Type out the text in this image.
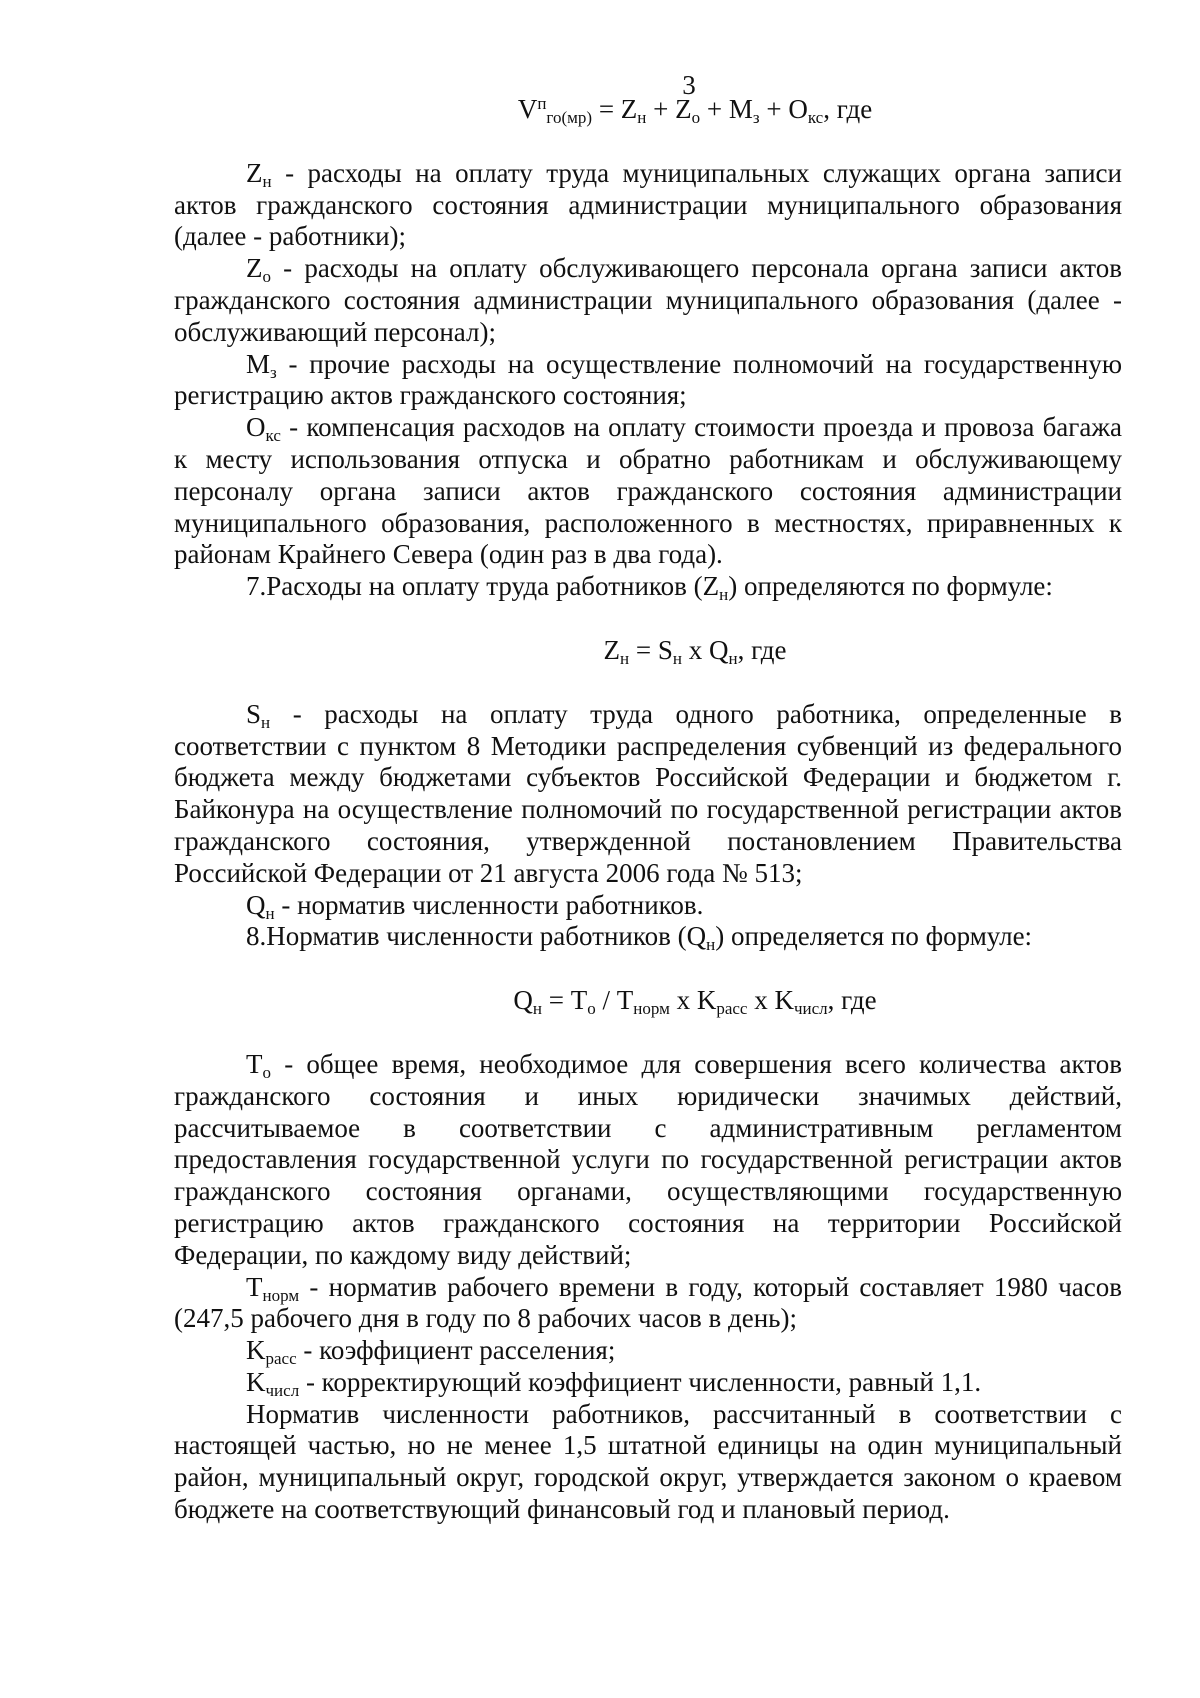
3
$V^п_{го(мр)} = Z_н + Z_о + M_з + O_{кс}$, где

$Z_н$ - расходы на оплату труда муниципальных служащих органа записи актов гражданского состояния администрации муниципального образования (далее - работники);

$Z_о$ - расходы на оплату обслуживающего персонала органа записи актов гражданского состояния администрации муниципального образования (далее - обслуживающий персонал);

$M_з$ - прочие расходы на осуществление полномочий на государственную регистрацию актов гражданского состояния;

$O_{кс}$ - компенсация расходов на оплату стоимости проезда и провоза багажа к месту использования отпуска и обратно работникам и обслуживающему персоналу органа записи актов гражданского состояния администрации муниципального образования, расположенного в местностях, приравненных к районам Крайнего Севера (один раз в два года).

7.Расходы на оплату труда работников $(Z_н)$ определяются по формуле:

$Z_н = S_н$ x $Q_н$, где

$S_н$ - расходы на оплату труда одного работника, определенные в соответствии с пунктом 8 Методики распределения субвенций из федерального бюджета между бюджетами субъектов Российской Федерации и бюджетом г. Байконура на осуществление полномочий по государственной регистрации актов гражданского состояния, утвержденной постановлением Правительства Российской Федерации от 21 августа 2006 года № 513;

$Q_н$ - норматив численности работников.

8.Норматив численности работников $(Q_н)$ определяется по формуле:

$Q_н = T_о / T_{норм}$ x $K_{расс}$ x $K_{числ}$, где

$T_о$ - общее время, необходимое для совершения всего количества актов гражданского состояния и иных юридически значимых действий, рассчитываемое в соответствии с административным регламентом предоставления государственной услуги по государственной регистрации актов гражданского состояния органами, осуществляющими государственную регистрацию актов гражданского состояния на территории Российской Федерации, по каждому виду действий;

$T_{норм}$ - норматив рабочего времени в году, который составляет 1980 часов (247,5 рабочего дня в году по 8 рабочих часов в день);

$K_{расс}$ - коэффициент расселения;

$K_{числ}$ - корректирующий коэффициент численности, равный 1,1.

Норматив численности работников, рассчитанный в соответствии с настоящей частью, но не менее 1,5 штатной единицы на один муниципальный район, муниципальный округ, городской округ, утверждается законом о краевом бюджете на соответствующий финансовый год и плановый период.
